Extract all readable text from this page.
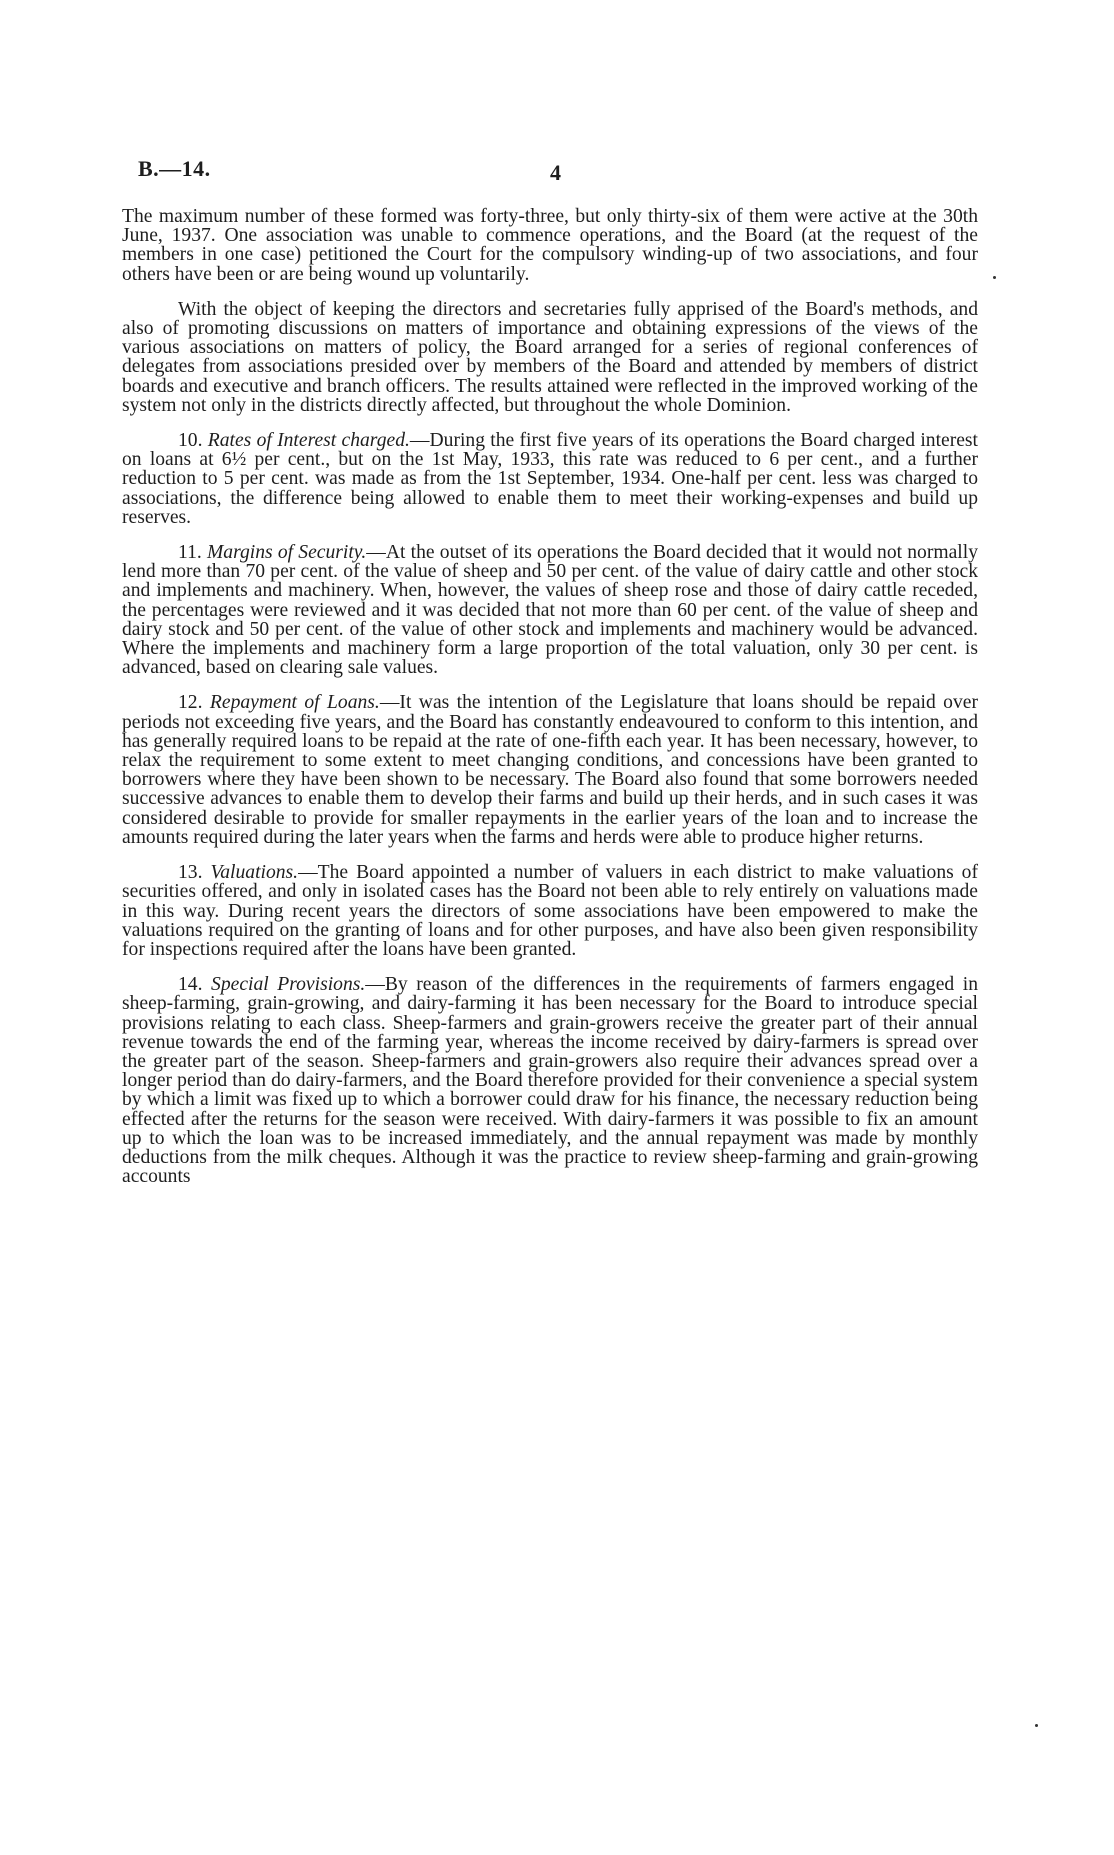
B.—14.	4

The maximum number of these formed was forty-three, but only thirty-six of them were active at the 30th June, 1937. One association was unable to commence operations, and the Board (at the request of the members in one case) petitioned the Court for the compulsory winding-up of two associations, and four others have been or are being wound up voluntarily.

With the object of keeping the directors and secretaries fully apprised of the Board's methods, and also of promoting discussions on matters of importance and obtaining expressions of the views of the various associations on matters of policy, the Board arranged for a series of regional conferences of delegates from associations presided over by members of the Board and attended by members of district boards and executive and branch officers. The results attained were reflected in the improved working of the system not only in the districts directly affected, but throughout the whole Dominion.

10. Rates of Interest charged.—During the first five years of its operations the Board charged interest on loans at 6½ per cent., but on the 1st May, 1933, this rate was reduced to 6 per cent., and a further reduction to 5 per cent. was made as from the 1st September, 1934. One-half per cent. less was charged to associations, the difference being allowed to enable them to meet their working-expenses and build up reserves.

11. Margins of Security.—At the outset of its operations the Board decided that it would not normally lend more than 70 per cent. of the value of sheep and 50 per cent. of the value of dairy cattle and other stock and implements and machinery. When, however, the values of sheep rose and those of dairy cattle receded, the percentages were reviewed and it was decided that not more than 60 per cent. of the value of sheep and dairy stock and 50 per cent. of the value of other stock and implements and machinery would be advanced. Where the implements and machinery form a large proportion of the total valuation, only 30 per cent. is advanced, based on clearing sale values.

12. Repayment of Loans.—It was the intention of the Legislature that loans should be repaid over periods not exceeding five years, and the Board has constantly endeavoured to conform to this intention, and has generally required loans to be repaid at the rate of one-fifth each year. It has been necessary, however, to relax the requirement to some extent to meet changing conditions, and concessions have been granted to borrowers where they have been shown to be necessary. The Board also found that some borrowers needed successive advances to enable them to develop their farms and build up their herds, and in such cases it was considered desirable to provide for smaller repayments in the earlier years of the loan and to increase the amounts required during the later years when the farms and herds were able to produce higher returns.

13. Valuations.—The Board appointed a number of valuers in each district to make valuations of securities offered, and only in isolated cases has the Board not been able to rely entirely on valuations made in this way. During recent years the directors of some associations have been empowered to make the valuations required on the granting of loans and for other purposes, and have also been given responsibility for inspections required after the loans have been granted.

14. Special Provisions.—By reason of the differences in the requirements of farmers engaged in sheep-farming, grain-growing, and dairy-farming it has been necessary for the Board to introduce special provisions relating to each class. Sheep-farmers and grain-growers receive the greater part of their annual revenue towards the end of the farming year, whereas the income received by dairy-farmers is spread over the greater part of the season. Sheep-farmers and grain-growers also require their advances spread over a longer period than do dairy-farmers, and the Board therefore provided for their convenience a special system by which a limit was fixed up to which a borrower could draw for his finance, the necessary reduction being effected after the returns for the season were received. With dairy-farmers it was possible to fix an amount up to which the loan was to be increased immediately, and the annual repayment was made by monthly deductions from the milk cheques. Although it was the practice to review sheep-farming and grain-growing accounts
